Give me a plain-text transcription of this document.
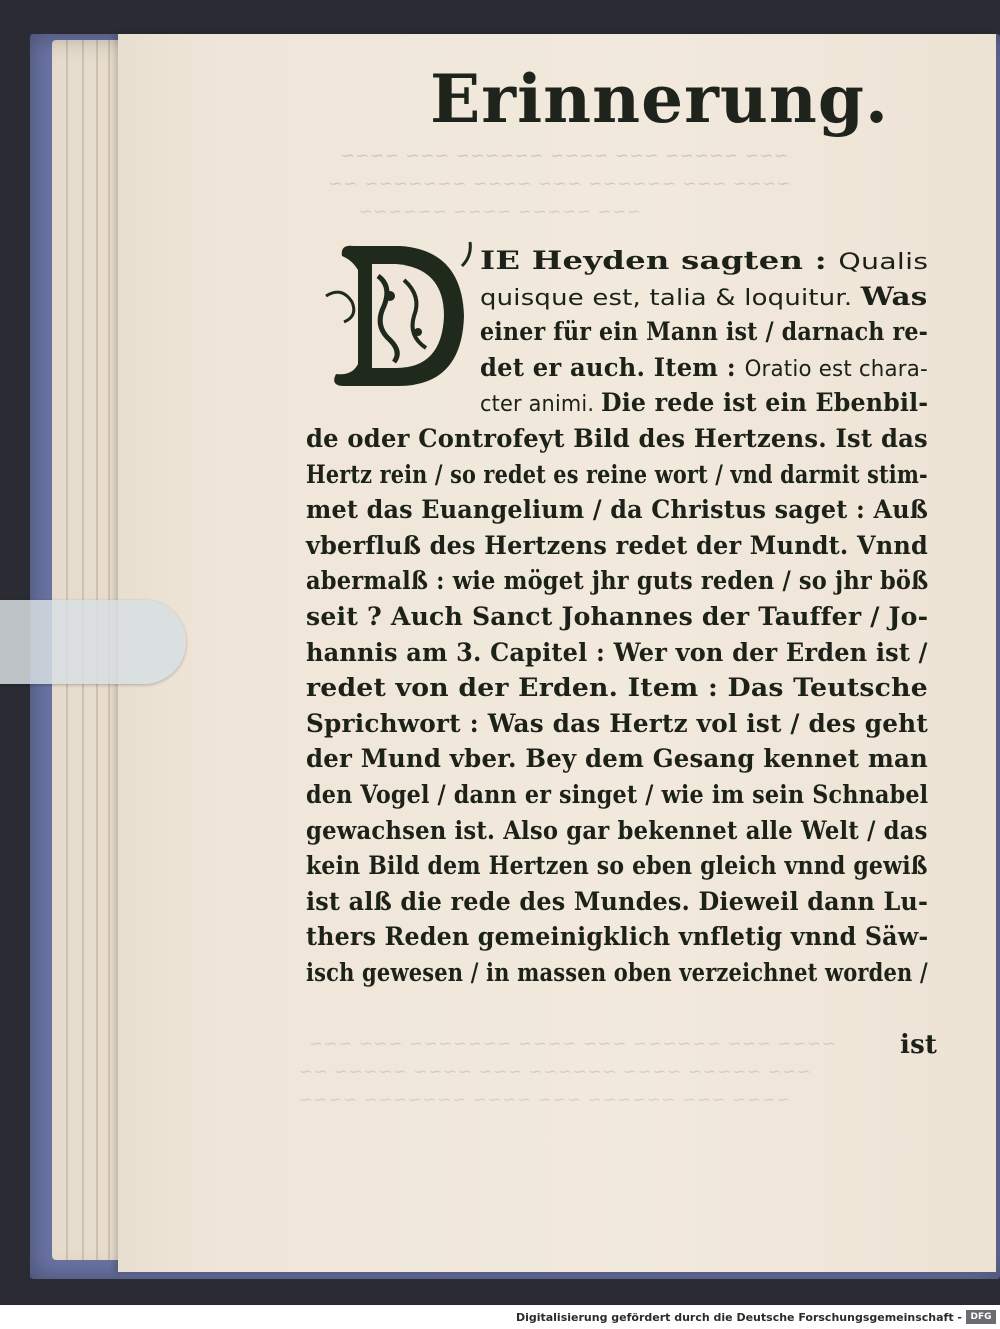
~~~ ~~~~~ ~~~ ~~~~ ~~~~~~ ~~~ ~~~~
~~~~ ~~~ ~~~~~~ ~~~ ~~~~ ~~~~~~~ ~~
~~~ ~~~~~ ~~~~ ~~~~~~
~~~~ ~~~ ~~~~~~ ~~~ ~~~~ ~~~~~~~ ~~~ ~~~
~~~ ~~~~~ ~~~~ ~~~~~~ ~~~ ~~~~ ~~~~~ ~~
~~~~ ~~~ ~~~~~~ ~~~ ~~~~ ~~~~~~~ ~~~~
Erinnerung.
IE Heyden sagten : Qualis
quisque est, talia & loquitur. Was
einer für ein Mann ist / darnach re-
det er auch. Item : Oratio est chara-
cter animi. Die rede ist ein Ebenbil-
de oder Controfeyt Bild des Hertzens. Ist das
Hertz rein / so redet es reine wort / vnd darmit stim-
met das Euangelium / da Christus saget : Auß
vberfluß des Hertzens redet der Mundt. Vnnd
abermalß : wie möget jhr guts reden / so jhr böß
seit ? Auch Sanct Johannes der Tauffer / Jo-
hannis am 3. Capitel : Wer von der Erden ist /
redet von der Erden. Item : Das Teutsche
Sprichwort : Was das Hertz vol ist / des geht
der Mund vber. Bey dem Gesang kennet man
den Vogel / dann er singet / wie im sein Schnabel
gewachsen ist. Also gar bekennet alle Welt / das
kein Bild dem Hertzen so eben gleich vnnd gewiß
ist alß die rede des Mundes. Dieweil dann Lu-
thers Reden gemeinigklich vnfletig vnnd Säw-
isch gewesen / in massen oben verzeichnet worden /
ist
Digitalisierung gefördert durch die Deutsche Forschungsgemeinschaft - DFG
